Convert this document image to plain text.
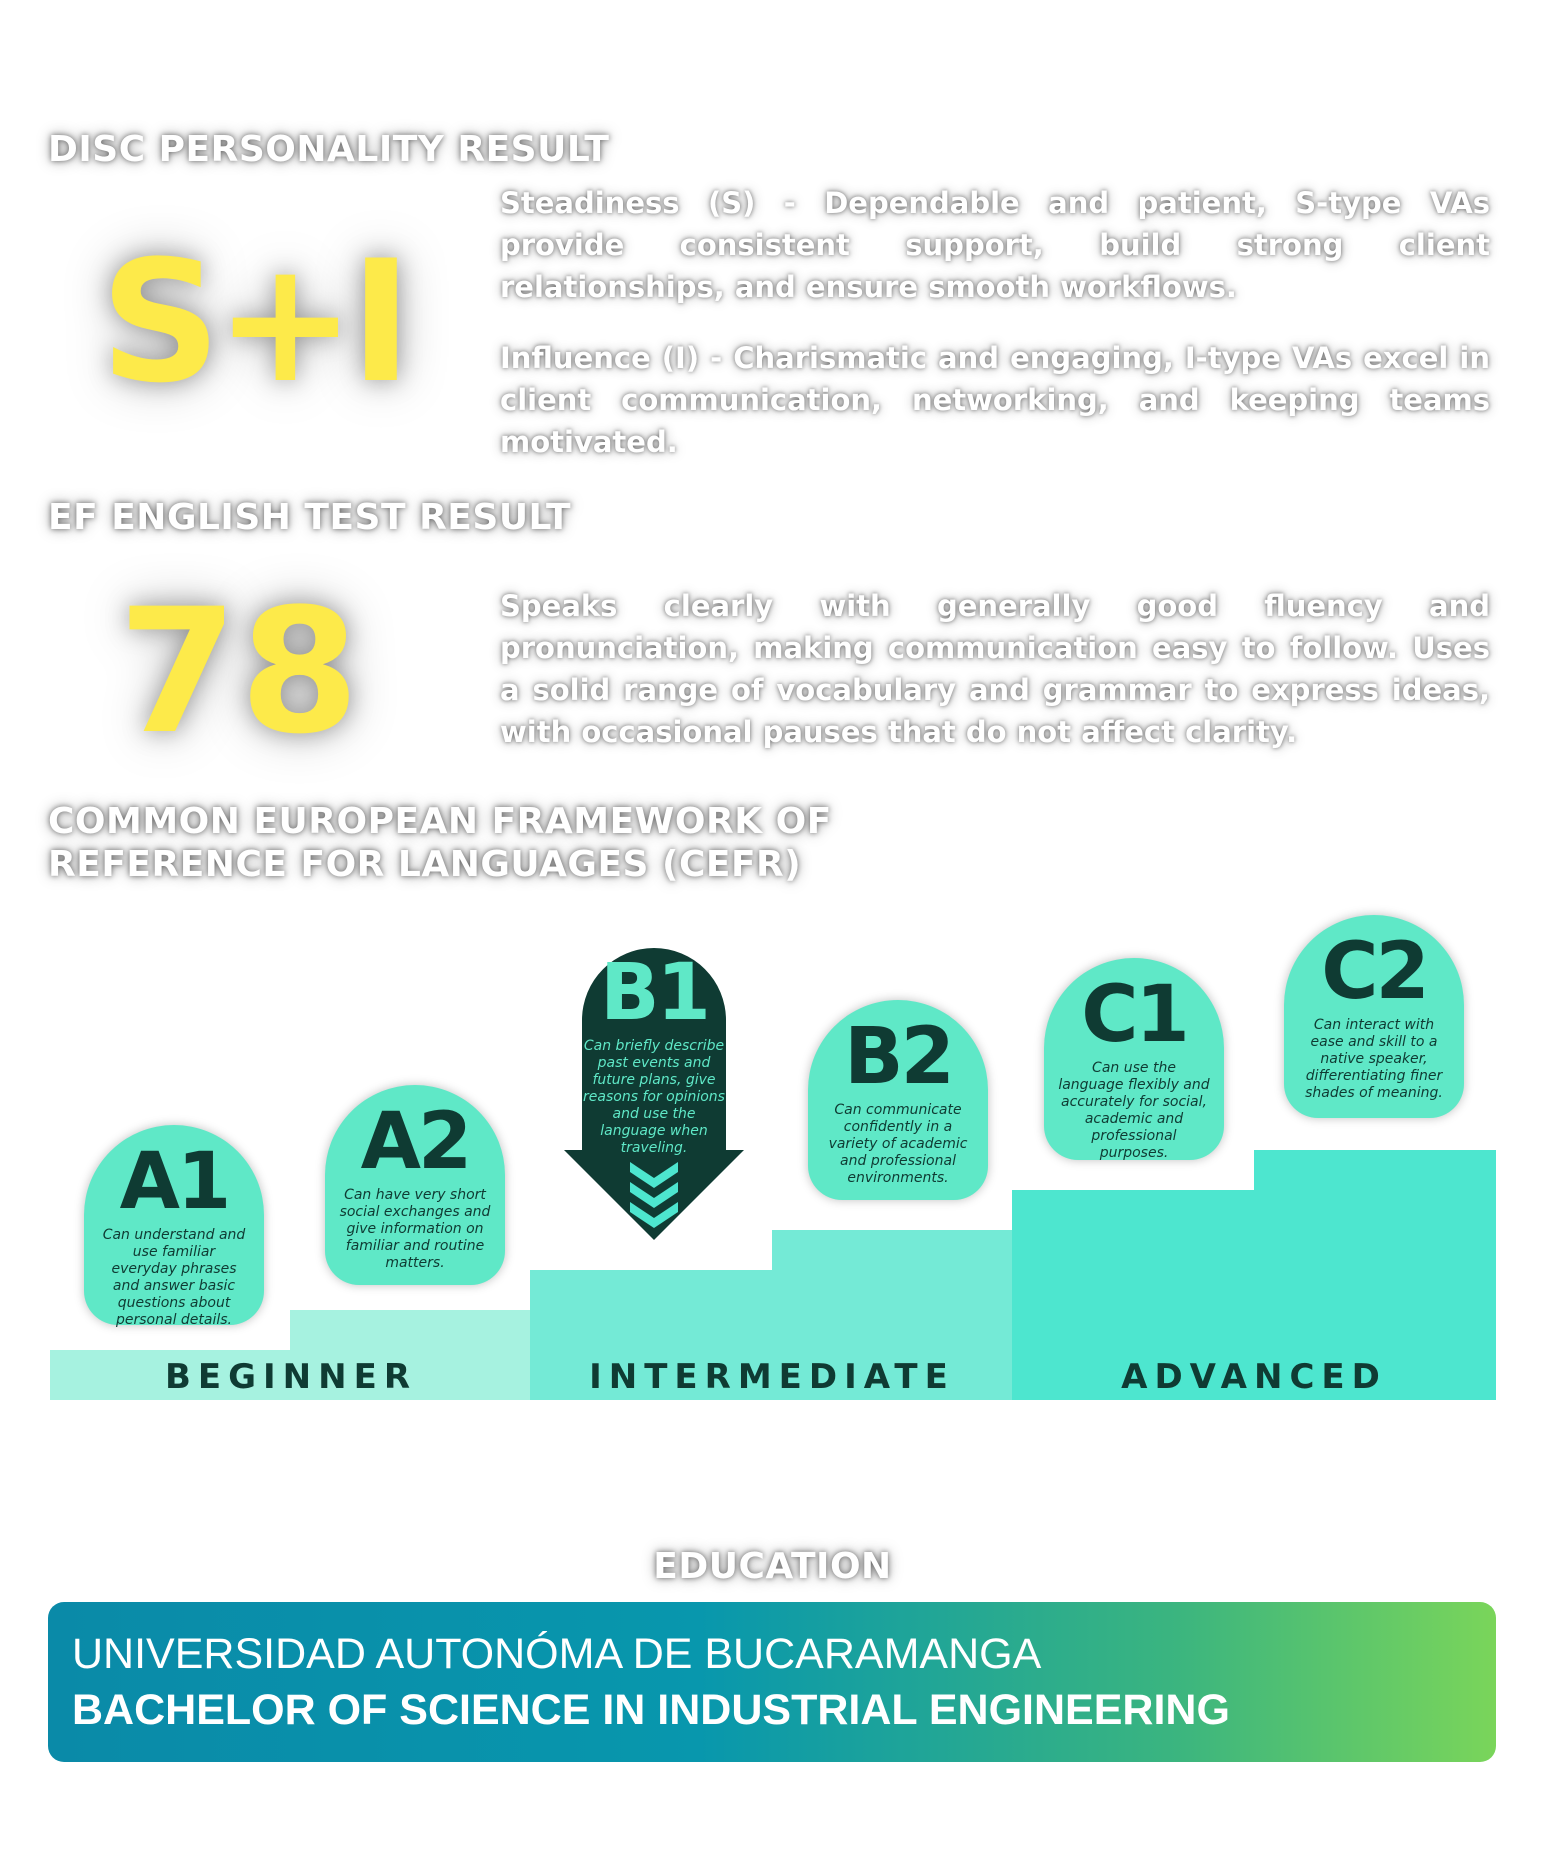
DISC PERSONALITY RESULT
S+I

Steadiness (S) - Dependable and patient, S-type VAs provide consistent support, build strong client relationships, and ensure smooth workflows.

Influence (I) - Charismatic and engaging, I-type VAs excel in client communication, networking, and keeping teams motivated.

EF ENGLISH TEST RESULT
78	Speaks clearly with generally good fluency and pronunciation, making communication easy to follow. Uses a solid range of vocabulary and grammar to express ideas, with occasional pauses that do not affect clarity.

COMMON EUROPEAN FRAMEWORK OF
REFERENCE FOR LANGUAGES (CEFR)
BEGINNER	INTERMEDIATE	ADVANCED
A1
Can understand and use familiar everyday phrases and answer basic questions about personal details.
A2
Can have very short social exchanges and give information on familiar and routine matters.
B1
Can briefly describe past events and future plans, give reasons for opinions and use the language when traveling.
B2
Can communicate confidently in a variety of academic and professional environments.
C1
Can use the language flexibly and accurately for social, academic and professional purposes.
C2
Can interact with ease and skill to a native speaker, differentiating finer shades of meaning.
EDUCATION

UNIVERSIDAD AUTONÓMA DE BUCARAMANGA

BACHELOR OF SCIENCE IN INDUSTRIAL ENGINEERING
